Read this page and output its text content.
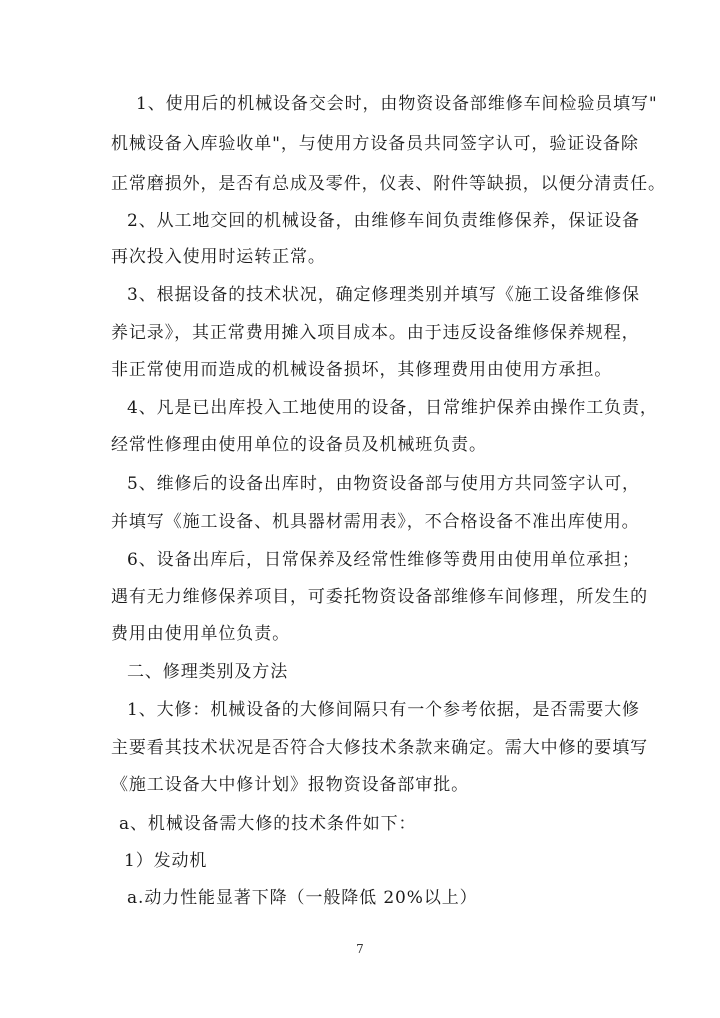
1、使用后的机械设备交会时，由物资设备部维修车间检验员填写"
机械设备入库验收单"，与使用方设备员共同签字认可，验证设备除
正常磨损外，是否有总成及零件，仪表、附件等缺损，以便分清责任。
2、从工地交回的机械设备，由维修车间负责维修保养，保证设备
再次投入使用时运转正常。
3、根据设备的技术状况，确定修理类别并填写《施工设备维修保
养记录》，其正常费用摊入项目成本。由于违反设备维修保养规程，
非正常使用而造成的机械设备损坏，其修理费用由使用方承担。
4、凡是已出库投入工地使用的设备，日常维护保养由操作工负责，
经常性修理由使用单位的设备员及机械班负责。
5、维修后的设备出库时，由物资设备部与使用方共同签字认可，
并填写《施工设备、机具器材需用表》，不合格设备不准出库使用。
6、设备出库后，日常保养及经常性维修等费用由使用单位承担；
遇有无力维修保养项目，可委托物资设备部维修车间修理，所发生的
费用由使用单位负责。
二、修理类别及方法
1、大修：机械设备的大修间隔只有一个参考依据，是否需要大修
主要看其技术状况是否符合大修技术条款来确定。需大中修的要填写
《施工设备大中修计划》报物资设备部审批。
a、机械设备需大修的技术条件如下：
1）发动机
a.动力性能显著下降（一般降低 20%以上）
7
